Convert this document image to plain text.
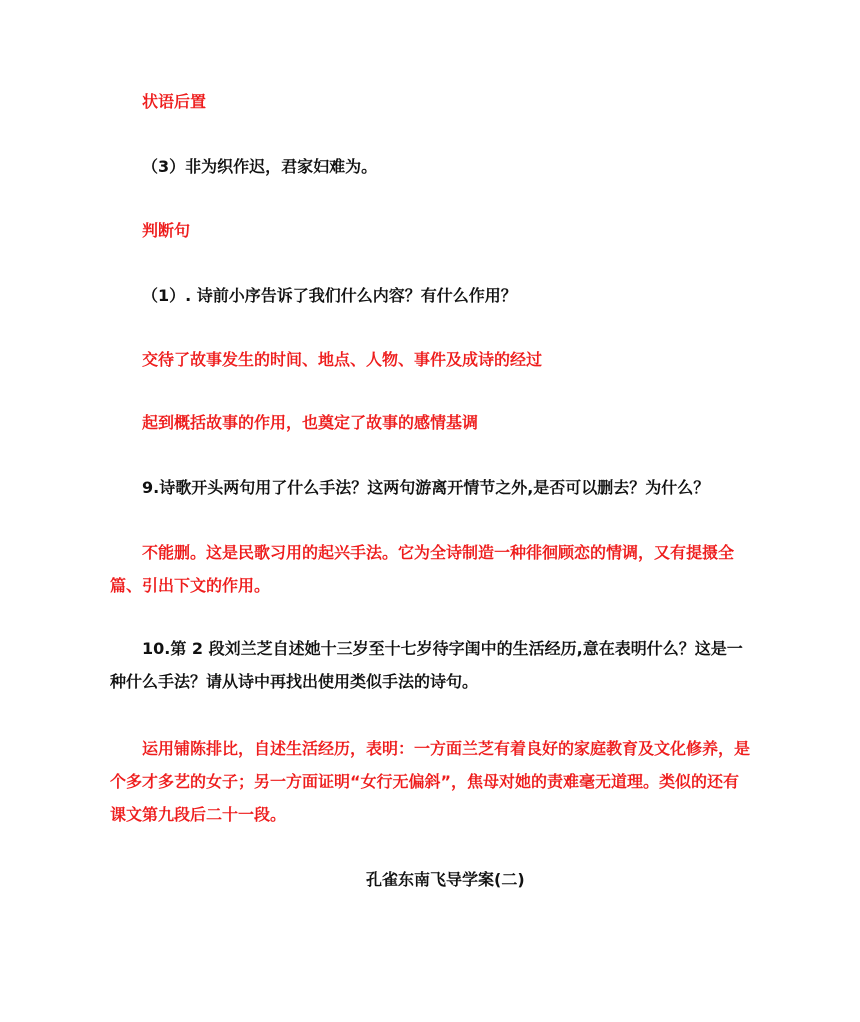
状语后置
（3）非为织作迟，君家妇难为。
判断句
（1）. 诗前小序告诉了我们什么内容？有什么作用？
交待了故事发生的时间、地点、人物、事件及成诗的经过
起到概括故事的作用，也奠定了故事的感情基调
9.诗歌开头两句用了什么手法？这两句游离开情节之外,是否可以删去？为什么？
不能删。这是民歌习用的起兴手法。它为全诗制造一种徘徊顾恋的情调，又有提摄全篇、引出下文的作用。
10.第 2 段刘兰芝自述她十三岁至十七岁待字闺中的生活经历,意在表明什么？这是一种什么手法？请从诗中再找出使用类似手法的诗句。
运用铺陈排比，自述生活经历，表明：一方面兰芝有着良好的家庭教育及文化修养，是个多才多艺的女子；另一方面证明“女行无偏斜”，焦母对她的责难毫无道理。类似的还有课文第九段后二十一段。
孔雀东南飞导学案(二)
